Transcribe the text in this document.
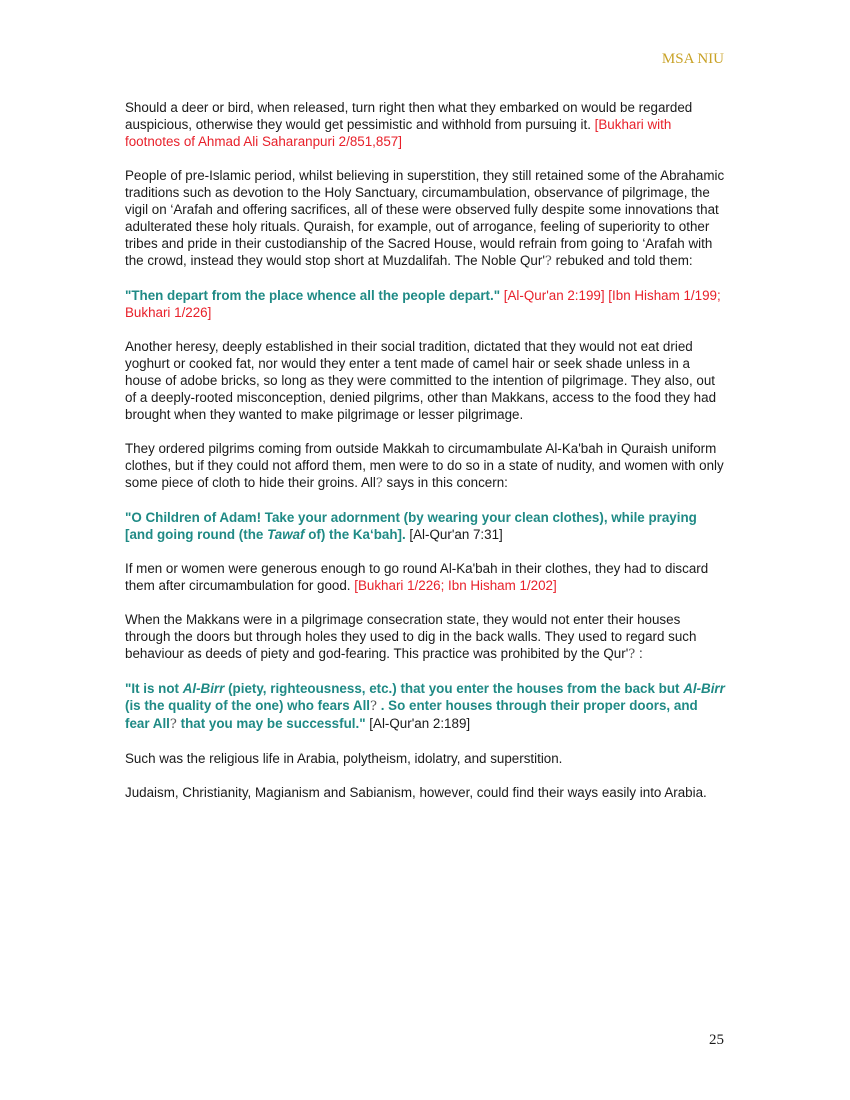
MSA NIU

Should a deer or bird, when released, turn right then what they embarked on would be regarded auspicious, otherwise they would get pessimistic and withhold from pursuing it. [Bukhari with footnotes of Ahmad Ali Saharanpuri 2/851,857]

People of pre-Islamic period, whilst believing in superstition, they still retained some of the Abrahamic traditions such as devotion to the Holy Sanctuary, circumambulation, observance of pilgrimage, the vigil on ‘Arafah and offering sacrifices, all of these were observed fully despite some innovations that adulterated these holy rituals. Quraish, for example, out of arrogance, feeling of superiority to other tribes and pride in their custodianship of the Sacred House, would refrain from going to ‘Arafah with the crowd, instead they would stop short at Muzdalifah. The Noble Qur'? rebuked and told them:

"Then depart from the place whence all the people depart." [Al-Qur'an 2:199] [Ibn Hisham 1/199; Bukhari 1/226]

Another heresy, deeply established in their social tradition, dictated that they would not eat dried yoghurt or cooked fat, nor would they enter a tent made of camel hair or seek shade unless in a house of adobe bricks, so long as they were committed to the intention of pilgrimage. They also, out of a deeply-rooted misconception, denied pilgrims, other than Makkans, access to the food they had brought when they wanted to make pilgrimage or lesser pilgrimage.

They ordered pilgrims coming from outside Makkah to circumambulate Al-Ka'bah in Quraish uniform clothes, but if they could not afford them, men were to do so in a state of nudity, and women with only some piece of cloth to hide their groins. All? says in this concern:

"O Children of Adam! Take your adornment (by wearing your clean clothes), while praying [and going round (the Tawaf of) the Ka‘bah]. [Al-Qur'an 7:31]

If men or women were generous enough to go round Al-Ka'bah in their clothes, they had to discard them after circumambulation for good. [Bukhari 1/226; Ibn Hisham 1/202]

When the Makkans were in a pilgrimage consecration state, they would not enter their houses through the doors but through holes they used to dig in the back walls. They used to regard such behaviour as deeds of piety and god-fearing. This practice was prohibited by the Qur'? :

"It is not Al-Birr (piety, righteousness, etc.) that you enter the houses from the back but Al-Birr (is the quality of the one) who fears All? . So enter houses through their proper doors, and fear All? that you may be successful." [Al-Qur'an 2:189]

Such was the religious life in Arabia, polytheism, idolatry, and superstition.

Judaism, Christianity, Magianism and Sabianism, however, could find their ways easily into Arabia.

25
